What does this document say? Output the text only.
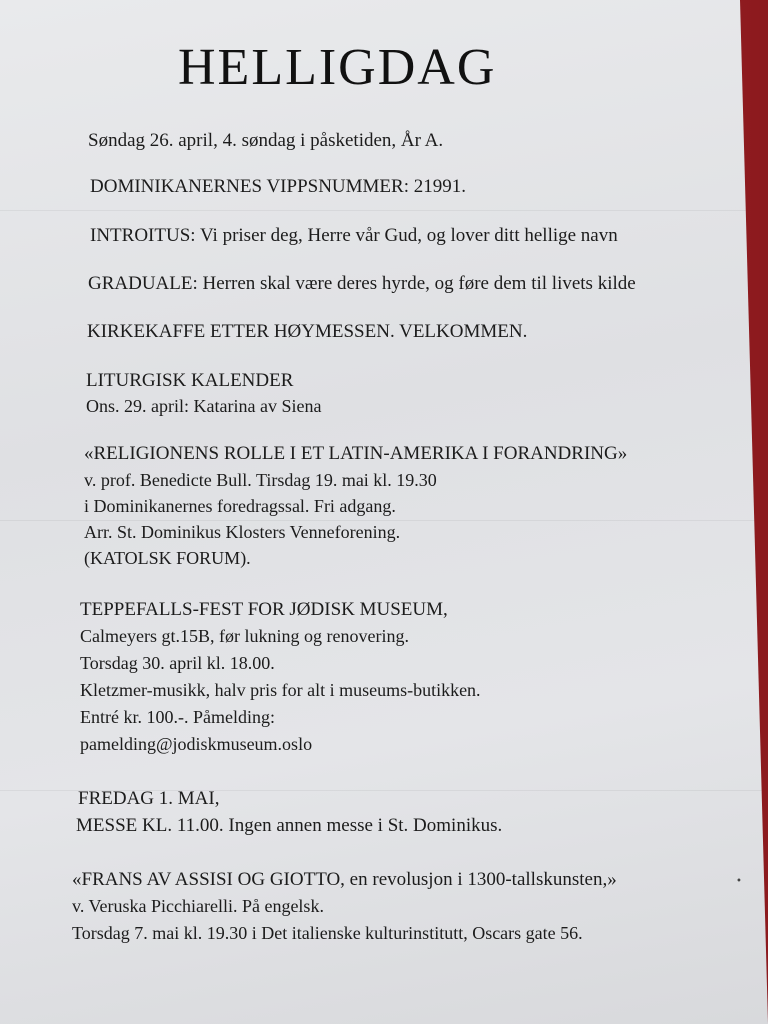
HELLIGDAG
Søndag 26. april, 4. søndag i påsketiden, År A.
DOMINIKANERNES VIPPSNUMMER: 21991.
INTROITUS: Vi priser deg, Herre vår Gud, og lover ditt hellige navn
GRADUALE: Herren skal være deres hyrde, og føre dem til livets kilde
KIRKEKAFFE ETTER HØYMESSEN. VELKOMMEN.
LITURGISK KALENDER
Ons. 29. april: Katarina av Siena
«RELIGIONENS ROLLE I ET LATIN-AMERIKA I FORANDRING»
v. prof. Benedicte Bull. Tirsdag 19. mai kl. 19.30
i Dominikanernes foredragssal. Fri adgang.
Arr. St. Dominikus Klosters Venneforening.
(KATOLSK FORUM).
TEPPEFALLS-FEST FOR JØDISK MUSEUM,
Calmeyers gt.15B, før lukning og renovering.
Torsdag 30. april kl. 18.00.
Kletzmer-musikk, halv pris for alt i museums-butikken.
Entré kr. 100.-. Påmelding:
pamelding@jodiskmuseum.oslo
FREDAG 1. MAI,
MESSE KL. 11.00. Ingen annen messe i St. Dominikus.
«FRANS AV ASSISI OG GIOTTO, en revolusjon i 1300-tallskunsten,»
v. Veruska Picchiarelli. På engelsk.
Torsdag 7. mai kl. 19.30 i Det italienske kulturinstitutt, Oscars gate 56.
•
